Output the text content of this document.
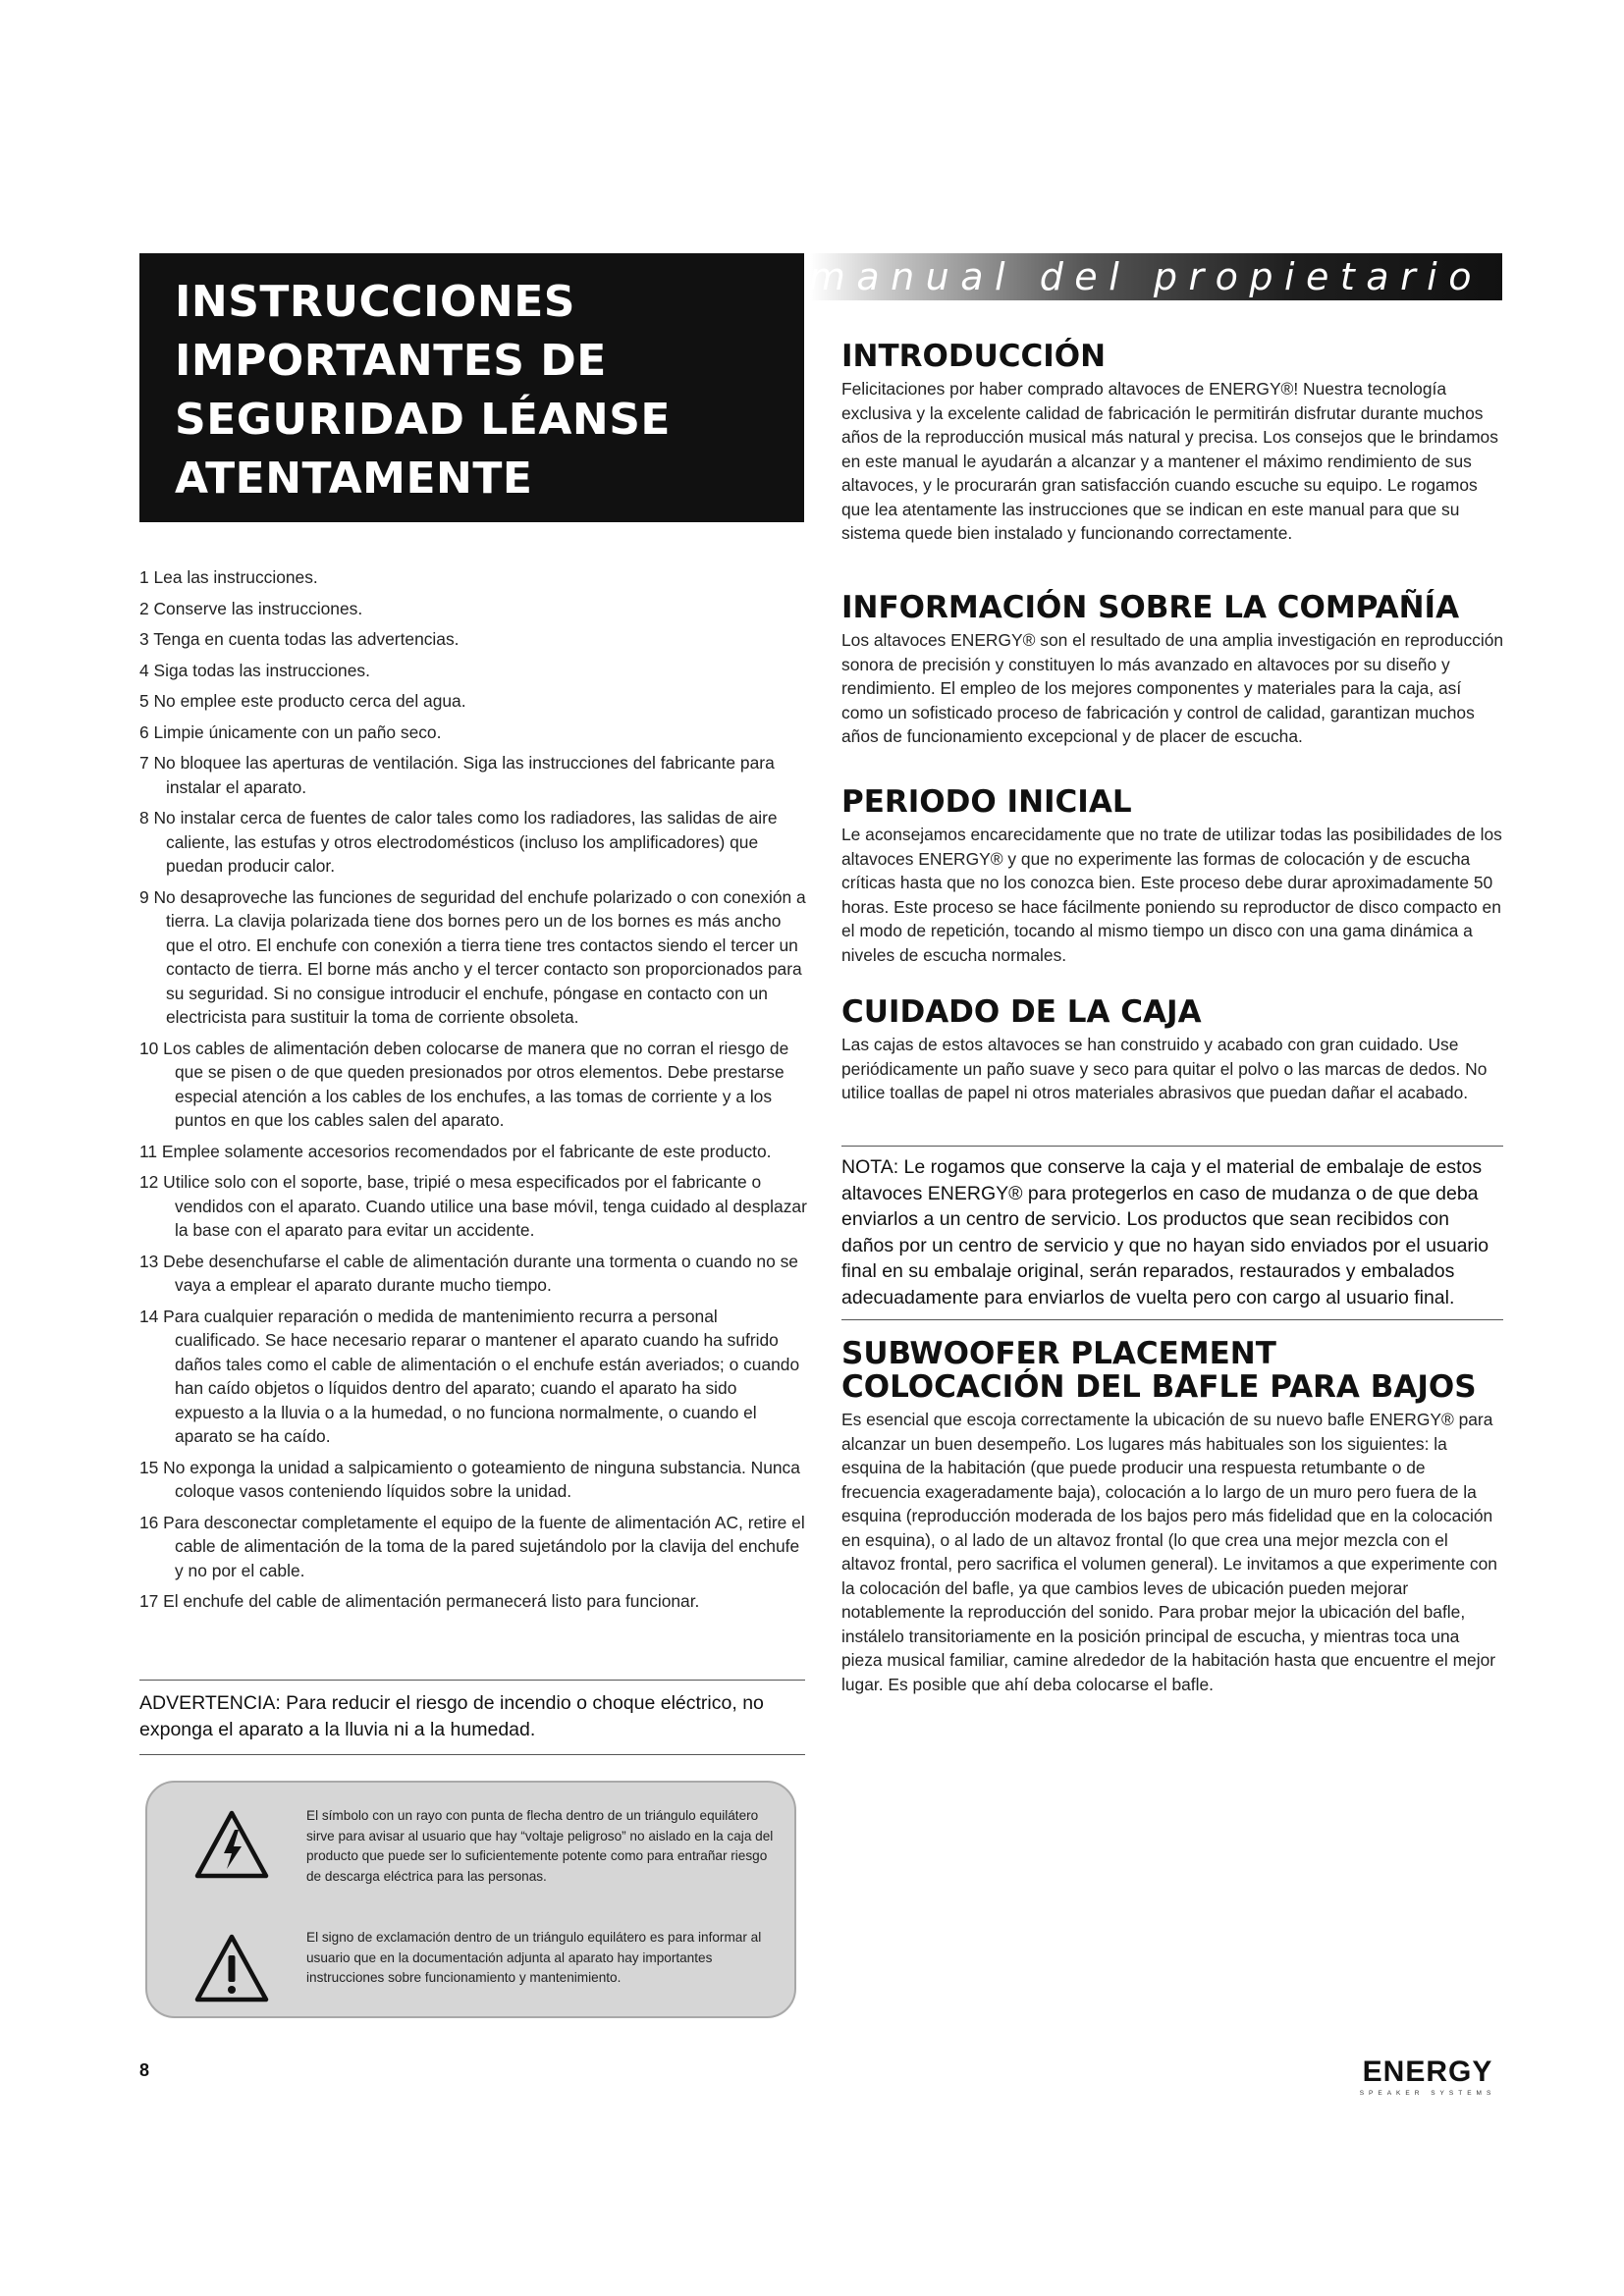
INSTRUCCIONES
IMPORTANTES DE
SEGURIDAD LÉANSE
ATENTAMENTE
1 Lea las instrucciones.
2 Conserve las instrucciones.
3 Tenga en cuenta todas las advertencias.
4 Siga todas las instrucciones.
5 No emplee este producto cerca del agua.
6 Limpie únicamente con un paño seco.
7 No bloquee las aperturas de ventilación. Siga las instrucciones del fabricante para instalar el aparato.
8 No instalar cerca de fuentes de calor tales como los radiadores, las salidas de aire caliente, las estufas y otros electrodomésticos (incluso los amplificadores) que puedan producir calor.
9 No desaproveche las funciones de seguridad del enchufe polarizado o con conexión a tierra. La clavija polarizada tiene dos bornes pero un de los bornes es más ancho que el otro. El enchufe con conexión a tierra tiene tres contactos siendo el tercer un contacto de tierra. El borne más ancho y el tercer contacto son proporcionados para su seguridad. Si no consigue introducir el enchufe, póngase en contacto con un electricista para sustituir la toma de corriente obsoleta.
10 Los cables de alimentación deben colocarse de manera que no corran el riesgo de que se pisen o de que queden presionados por otros elementos. Debe prestarse especial atención a los cables de los enchufes, a las tomas de corriente y a los puntos en que los cables salen del aparato.
11 Emplee solamente accesorios recomendados por el fabricante de este producto.
12 Utilice solo con el soporte, base, tripié o mesa especificados por el fabricante o vendidos con el aparato. Cuando utilice una base móvil, tenga cuidado al desplazar la base con el aparato para evitar un accidente.
13 Debe desenchufarse el cable de alimentación durante una tormenta o cuando no se vaya a emplear el aparato durante mucho tiempo.
14 Para cualquier reparación o medida de mantenimiento recurra a personal cualificado. Se hace necesario reparar o mantener el aparato cuando ha sufrido daños tales como el cable de alimentación o el enchufe están averiados; o cuando han caído objetos o líquidos dentro del aparato; cuando el aparato ha sido expuesto a la lluvia o a la humedad, o no funciona normalmente, o cuando el aparato se ha caído.
15 No exponga la unidad a salpicamiento o goteamiento de ninguna substancia. Nunca coloque vasos conteniendo líquidos sobre la unidad.
16 Para desconectar completamente el equipo de la fuente de alimentación AC, retire el cable de alimentación de la toma de la pared sujetándolo por la clavija del enchufe y no por el cable.
17 El enchufe del cable de alimentación permanecerá listo para funcionar.
ADVERTENCIA: Para reducir el riesgo de incendio o choque eléctrico, no exponga el aparato a la lluvia ni a la humedad.
El símbolo con un rayo con punta de flecha dentro de un triángulo equilátero sirve para avisar al usuario que hay “voltaje peligroso” no aislado en la caja del producto que puede ser lo suficientemente potente como para entrañar riesgo de descarga eléctrica para las personas.
El signo de exclamación dentro de un triángulo equilátero es para informar al usuario que en la documentación adjunta al aparato hay importantes instrucciones sobre funcionamiento y mantenimiento.
8
manual del propietario
INTRODUCCIÓN

Felicitaciones por haber comprado altavoces de ENERGY®! Nuestra tecnología exclusiva y la excelente calidad de fabricación le permitirán disfrutar durante muchos años de la reproducción musical más natural y precisa. Los consejos que le brindamos en este manual le ayudarán a alcanzar y a mantener el máximo rendimiento de sus altavoces, y le procurarán gran satisfacción cuando escuche su equipo. Le rogamos que lea atentamente las instrucciones que se indican en este manual para que su sistema quede bien instalado y funcionando correctamente.

INFORMACIÓN SOBRE LA COMPAÑÍA

Los altavoces ENERGY® son el resultado de una amplia investigación en reproducción sonora de precisión y constituyen lo más avanzado en altavoces por su diseño y rendimiento. El empleo de los mejores componentes y materiales para la caja, así como un sofisticado proceso de fabricación y control de calidad, garantizan muchos años de funcionamiento excepcional y de placer de escucha.

PERIODO INICIAL

Le aconsejamos encarecidamente que no trate de utilizar todas las posibilidades de los altavoces ENERGY® y que no experimente las formas de colocación y de escucha críticas hasta que no los conozca bien. Este proceso debe durar aproximadamente 50 horas. Este proceso se hace fácilmente poniendo su reproductor de disco compacto en el modo de repetición, tocando al mismo tiempo un disco con una gama dinámica a niveles de escucha normales.

CUIDADO DE LA CAJA

Las cajas de estos altavoces se han construido y acabado con gran cuidado. Use periódicamente un paño suave y seco para quitar el polvo o las marcas de dedos. No utilice toallas de papel ni otros materiales abrasivos que puedan dañar el acabado.

NOTA: Le rogamos que conserve la caja y el material de embalaje de estos altavoces ENERGY® para protegerlos en caso de mudanza o de que deba enviarlos a un centro de servicio. Los productos que sean recibidos con daños por un centro de servicio y que no hayan sido enviados por el usuario final en su embalaje original, serán reparados, restaurados y embalados adecuadamente para enviarlos de vuelta pero con cargo al usuario final.
SUBWOOFER PLACEMENT COLOCACIÓN DEL BAFLE PARA BAJOS

Es esencial que escoja correctamente la ubicación de su nuevo bafle ENERGY® para alcanzar un buen desempeño. Los lugares más habituales son los siguientes: la esquina de la habitación (que puede producir una respuesta retumbante o de frecuencia exageradamente baja), colocación a lo largo de un muro pero fuera de la esquina (reproducción moderada de los bajos pero más fidelidad que en la colocación en esquina), o al lado de un altavoz frontal (lo que crea una mejor mezcla con el altavoz frontal, pero sacrifica el volumen general). Le invitamos a que experimente con la colocación del bafle, ya que cambios leves de ubicación pueden mejorar notablemente la reproducción del sonido. Para probar mejor la ubicación del bafle, instálelo transitoriamente en la posición principal de escucha, y mientras toca una pieza musical familiar, camine alrededor de la habitación hasta que encuentre el mejor lugar. Es posible que ahí deba colocarse el bafle.

ENERGY
SPEAKER SYSTEMS
